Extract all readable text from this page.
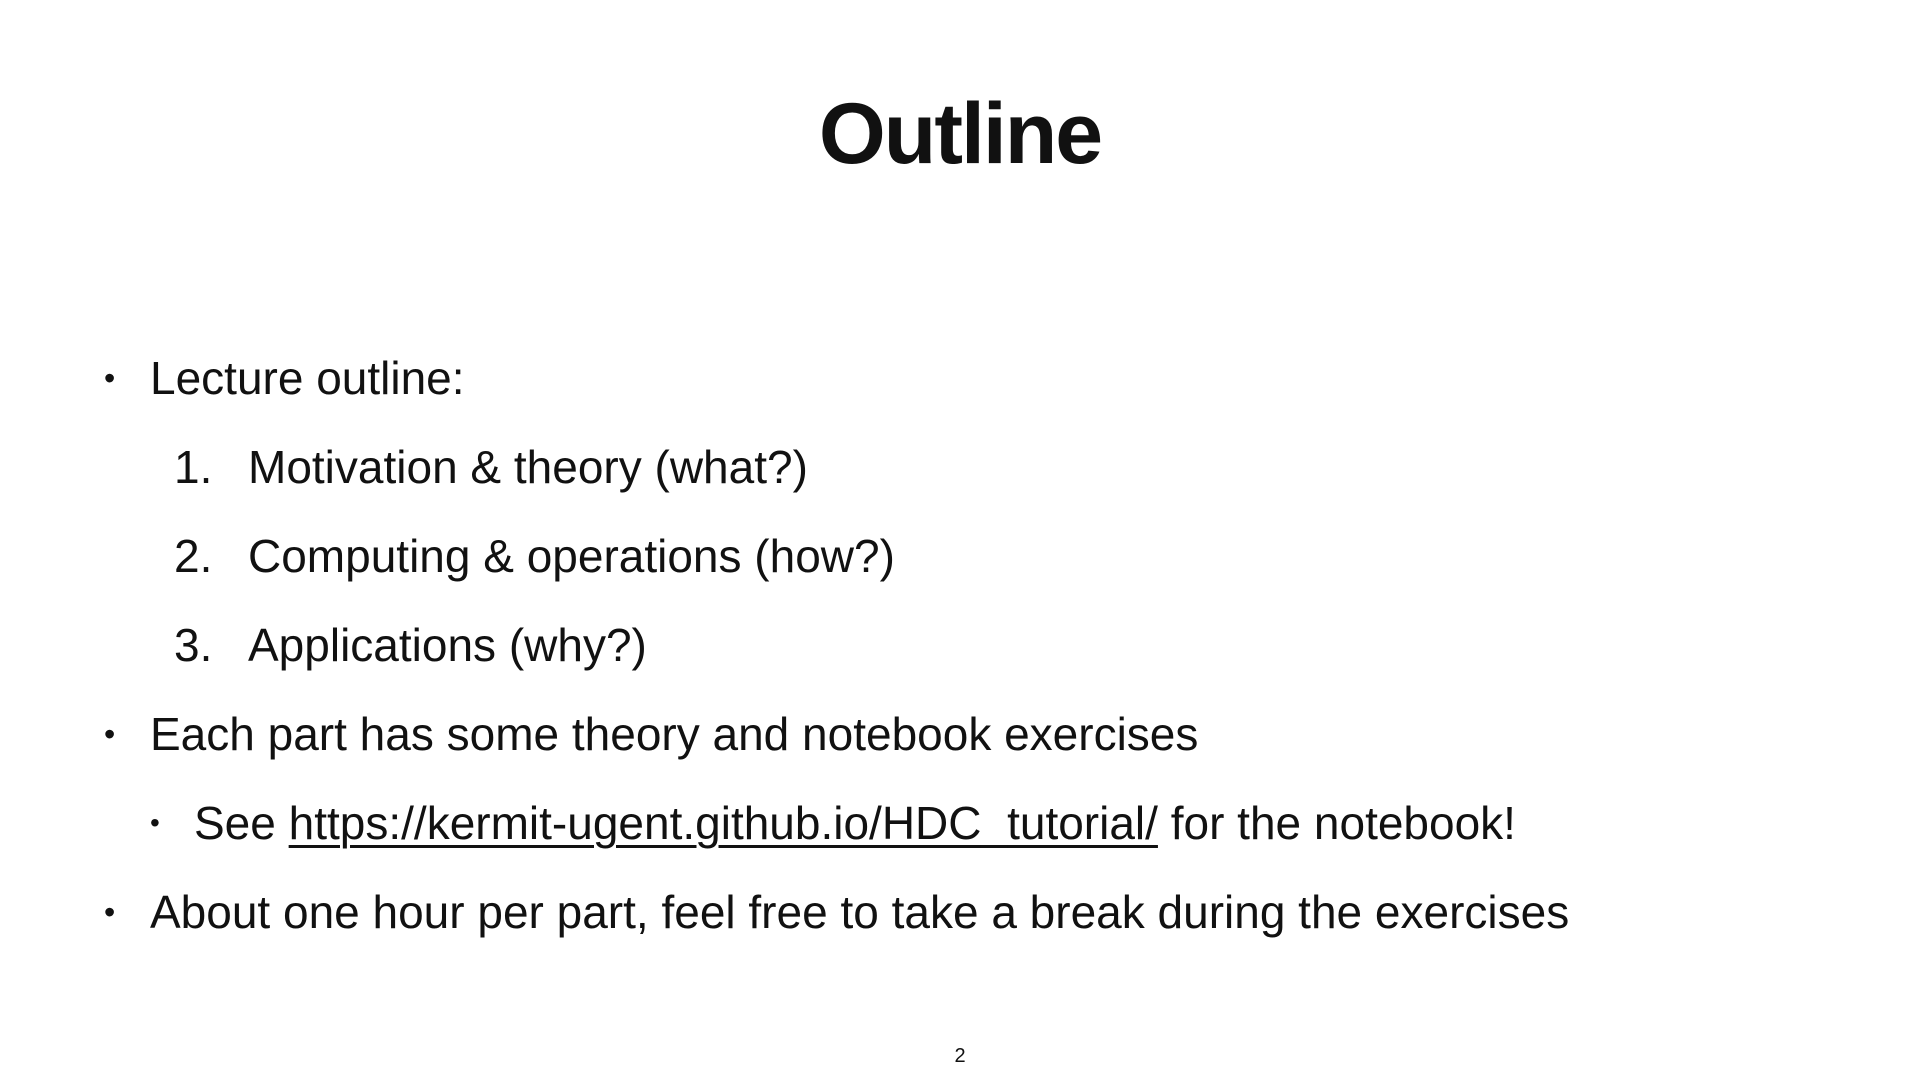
Outline
• Lecture outline:
1. Motivation & theory (what?)
2. Computing & operations (how?)
3. Applications (why?)
• Each part has some theory and notebook exercises
• See https://kermit-ugent.github.io/HDC_tutorial/ for the notebook!
• About one hour per part, feel free to take a break during the exercises
2
